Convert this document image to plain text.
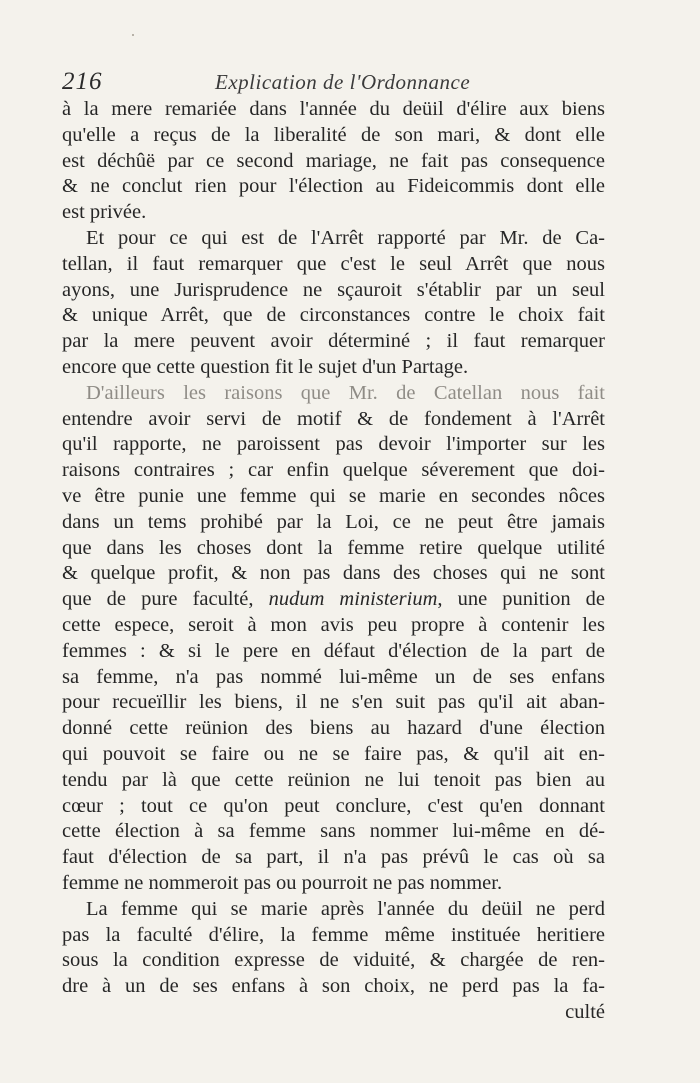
216	Explication de l'Ordonnance
à la mere remariée dans l'année du deüil d'élire aux biens
qu'elle a reçus de la liberalité de son mari, & dont elle
est déchûë par ce second mariage, ne fait pas consequence
& ne conclut rien pour l'élection au Fideicommis dont elle
est privée.
Et pour ce qui est de l'Arrêt rapporté par Mr. de Ca-
tellan, il faut remarquer que c'est le seul Arrêt que nous
ayons, une Jurisprudence ne sçauroit s'établir par un seul
& unique Arrêt, que de circonstances contre le choix fait
par la mere peuvent avoir déterminé ; il faut remarquer
encore que cette question fit le sujet d'un Partage.
D'ailleurs les raisons que Mr. de Catellan nous fait
entendre avoir servi de motif & de fondement à l'Arrêt
qu'il rapporte, ne paroissent pas devoir l'importer sur les
raisons contraires ; car enfin quelque séverement que doi-
ve être punie une femme qui se marie en secondes nôces
dans un tems prohibé par la Loi, ce ne peut être jamais
que dans les choses dont la femme retire quelque utilité
& quelque profit, & non pas dans des choses qui ne sont
que de pure faculté, nudum ministerium, une punition de
cette espece, seroit à mon avis peu propre à contenir les
femmes : & si le pere en défaut d'élection de la part de
sa femme, n'a pas nommé lui-même un de ses enfans
pour recueïllir les biens, il ne s'en suit pas qu'il ait aban-
donné cette reünion des biens au hazard d'une élection
qui pouvoit se faire ou ne se faire pas, & qu'il ait en-
tendu par là que cette reünion ne lui tenoit pas bien au
cœur ; tout ce qu'on peut conclure, c'est qu'en donnant
cette élection à sa femme sans nommer lui-même en dé-
faut d'élection de sa part, il n'a pas prévû le cas où sa
femme ne nommeroit pas ou pourroit ne pas nommer.
La femme qui se marie après l'année du deüil ne perd
pas la faculté d'élire, la femme même instituée heritiere
sous la condition expresse de viduité, & chargée de ren-
dre à un de ses enfans à son choix, ne perd pas la fa-
culté
